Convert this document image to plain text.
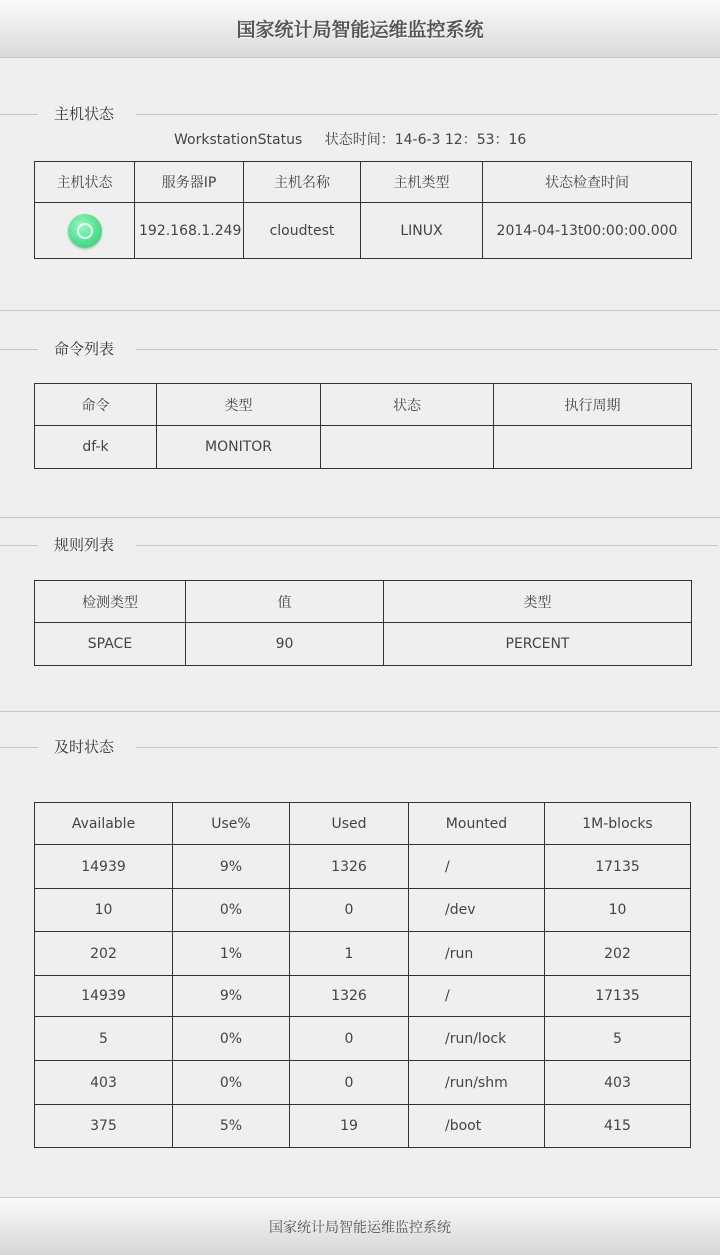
国家统计局智能运维监控系统
主机状态
WorkstationStatus 状态时间：14-6-3 12：53：16
主机状态	服务器IP	主机名称	主机类型	状态检查时间
	192.168.1.249	cloudtest	LINUX	2014-04-13t00:00:00.000
命令列表
命令	类型	状态	执行周期
df-k	MONITOR		
规则列表
检测类型	值	类型
SPACE	90	PERCENT
及时状态
Available	Use%	Used	Mounted	1M-blocks
14939	9%	1326	/	17135
10	0%	0	/dev	10
202	1%	1	/run	202
14939	9%	1326	/	17135
5	0%	0	/run/lock	5
403	0%	0	/run/shm	403
375	5%	19	/boot	415
国家统计局智能运维监控系统
